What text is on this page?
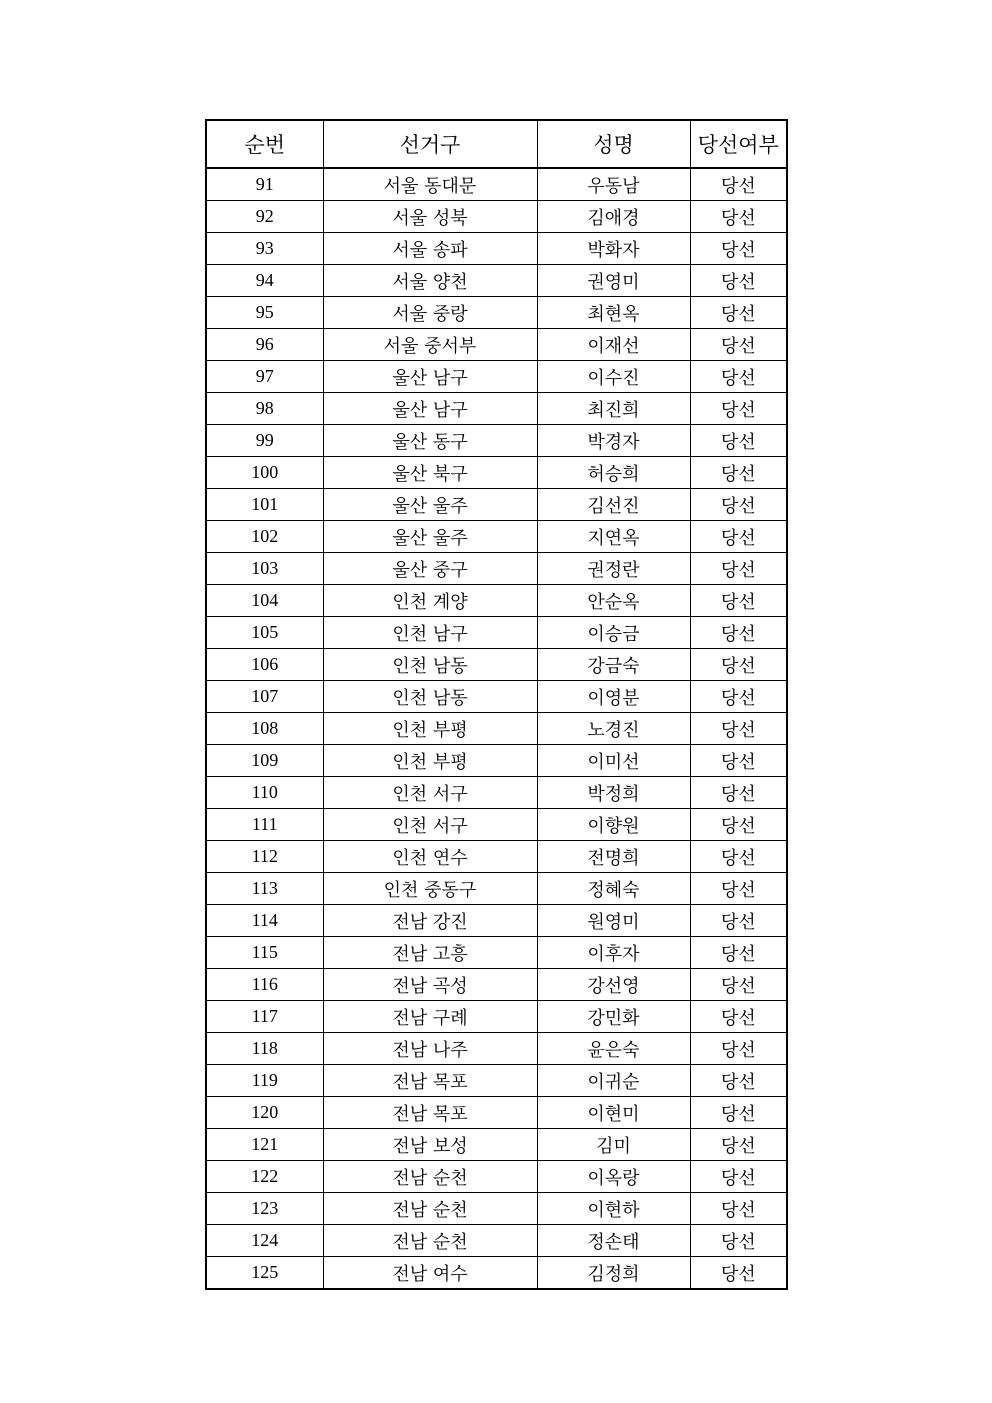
순번	선거구	성명	당선여부
91	서울 동대문	우동남	당선
92	서울 성북	김애경	당선
93	서울 송파	박화자	당선
94	서울 양천	권영미	당선
95	서울 중랑	최현옥	당선
96	서울 중서부	이재선	당선
97	울산 남구	이수진	당선
98	울산 남구	최진희	당선
99	울산 동구	박경자	당선
100	울산 북구	허승희	당선
101	울산 울주	김선진	당선
102	울산 울주	지연옥	당선
103	울산 중구	권정란	당선
104	인천 계양	안순옥	당선
105	인천 남구	이승금	당선
106	인천 남동	강금숙	당선
107	인천 남동	이영분	당선
108	인천 부평	노경진	당선
109	인천 부평	이미선	당선
110	인천 서구	박정희	당선
111	인천 서구	이향원	당선
112	인천 연수	전명희	당선
113	인천 중동구	정혜숙	당선
114	전남 강진	원영미	당선
115	전남 고흥	이후자	당선
116	전남 곡성	강선영	당선
117	전남 구례	강민화	당선
118	전남 나주	윤은숙	당선
119	전남 목포	이귀순	당선
120	전남 목포	이현미	당선
121	전남 보성	김미	당선
122	전남 순천	이옥랑	당선
123	전남 순천	이현하	당선
124	전남 순천	정손태	당선
125	전남 여수	김정희	당선
